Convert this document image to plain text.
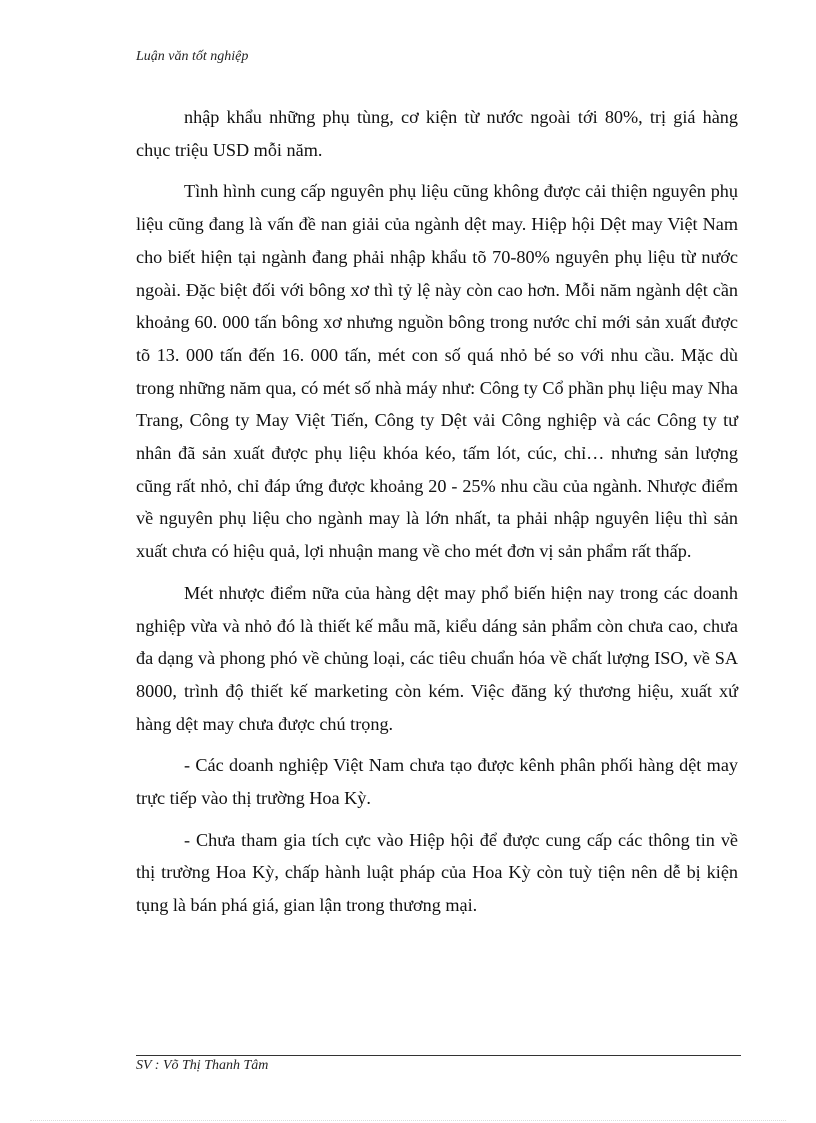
Luận văn tốt nghiệp

nhập khẩu những phụ tùng, cơ kiện từ nước ngoài tới 80%, trị giá hàng chục triệu USD mỗi năm.

Tình hình cung cấp nguyên phụ liệu cũng không được cải thiện nguyên phụ liệu cũng đang là vấn đề nan giải của ngành dệt may. Hiệp hội Dệt may Việt Nam cho biết hiện tại ngành đang phải nhập khẩu tõ 70-80% nguyên phụ liệu từ nước ngoài. Đặc biệt đối với bông xơ thì tỷ lệ này còn cao hơn. Mỗi năm ngành dệt cần khoảng 60. 000 tấn bông xơ nhưng nguồn bông trong nước chỉ mới sản xuất được tõ 13. 000 tấn đến 16. 000 tấn, mét con số quá nhỏ bé so với nhu cầu. Mặc dù trong những năm qua, có mét số nhà máy như: Công ty Cổ phần phụ liệu may Nha Trang, Công ty May Việt Tiến, Công ty Dệt vải Công nghiệp và các Công ty tư nhân đã sản xuất được phụ liệu khóa kéo, tấm lót, cúc, chỉ… nhưng sản lượng cũng rất nhỏ, chỉ đáp ứng được khoảng 20 - 25% nhu cầu của ngành. Nhược điểm về nguyên phụ liệu cho ngành may là lớn nhất, ta phải nhập nguyên liệu thì sản xuất chưa có hiệu quả, lợi nhuận mang về cho mét đơn vị sản phẩm rất thấp.

Mét nhược điểm nữa của hàng dệt may phổ biến hiện nay trong các doanh nghiệp vừa và nhỏ đó là thiết kế mẫu mã, kiểu dáng sản phẩm còn chưa cao, chưa đa dạng và phong phó về chủng loại, các tiêu chuẩn hóa về chất lượng ISO, về SA 8000, trình độ thiết kế marketing còn kém. Việc đăng ký thương hiệu, xuất xứ hàng dệt may chưa được chú trọng.

- Các doanh nghiệp Việt Nam chưa tạo được kênh phân phối hàng dệt may trực tiếp vào thị trường Hoa Kỳ.

- Chưa tham gia tích cực vào Hiệp hội để được cung cấp các thông tin về thị trường Hoa Kỳ, chấp hành luật pháp của Hoa Kỳ còn tuỳ tiện nên dễ bị kiện tụng là bán phá giá, gian lận trong thương mại.

SV : Võ Thị Thanh Tâm
